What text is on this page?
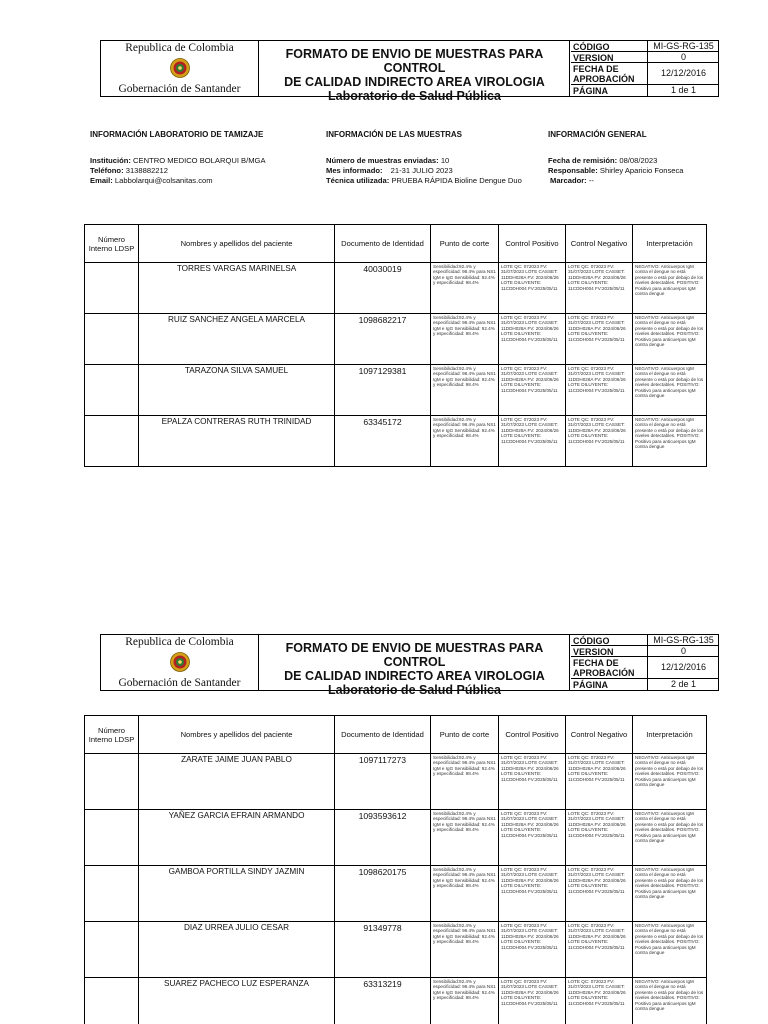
Republica de Colombia
Gobernación de Santander
FORMATO DE ENVIO DE MUESTRAS PARA CONTROL
DE CALIDAD INDIRECTO AREA VIROLOGIA
Laboratorio de Salud Pública
CÓDIGO	MI-GS-RG-135
VERSION	0
FECHA DE APROBACIÓN
12/12/2016
PÁGINA	1 de 1
INFORMACIÓN LABORATORIO DE TAMIZAJE
Institución: CENTRO MEDICO BOLARQUI B/MGA
Teléfono: 3138882212
Email: Labbolarqui@colsanitas.com
INFORMACIÓN DE LAS MUESTRAS
Número de muestras enviadas: 10
Mes informado: 21-31 JULIO 2023
Técnica utilizada: PRUEBA RÁPIDA Bioline Dengue Duo
INFORMACIÓN GENERAL
Fecha de remisión: 08/08/2023
Responsable: Shirley Aparicio Fonseca
Marcador: --
Número Interno LDSP	Nombres y apellidos del paciente	Documento de Identidad	Punto de corte	Control Positivo	Control Negativo	Interpretación
	TORRES VARGAS MARINELSA	40030019	Sensibilidad:92.4% y especificidad: 98.4% para NS1 IgM e IgG Sensibilidad: 92.4% y especificidad: 98.4%	LOTE QC: 072023 FV: 31/07/2023 LOTE CASSET: 11DDH028A FV: 2024/06/26 LOTE DILUYENTE: 11CDDH004 FV:2025/05/11	LOTE QC: 072023 FV: 31/07/2023 LOTE CASSET: 11DDH028A FV: 2024/06/26 LOTE DILUYENTE: 11CDDH004 FV:2025/05/11	NEGATIVO: Anticuerpos IgM contra el dengue no está presente o está por debajo de los niveles detectables. POSITIVO: Positivo para anticuerpos IgM contra dengue
	RUIZ SANCHEZ ANGELA MARCELA	1098682217	Sensibilidad:92.4% y especificidad: 98.4% para NS1 IgM e IgG Sensibilidad: 92.4% y especificidad: 98.4%	LOTE QC: 072023 FV: 31/07/2023 LOTE CASSET: 11DDH028A FV: 2024/06/26 LOTE DILUYENTE: 11CDDH004 FV:2025/05/11	LOTE QC: 072023 FV: 31/07/2023 LOTE CASSET: 11DDH028A FV: 2024/06/26 LOTE DILUYENTE: 11CDDH004 FV:2025/05/11	NEGATIVO: Anticuerpos IgM contra el dengue no está presente o está por debajo de los niveles detectables. POSITIVO: Positivo para anticuerpos IgM contra dengue
	TARAZONA SILVA SAMUEL	1097129381	Sensibilidad:92.4% y especificidad: 98.4% para NS1 IgM e IgG Sensibilidad: 92.4% y especificidad: 98.4%	LOTE QC: 072023 FV: 31/07/2023 LOTE CASSET: 11DDH028A FV: 2024/06/26 LOTE DILUYENTE: 11CDDH004 FV:2025/05/11	LOTE QC: 072023 FV: 31/07/2023 LOTE CASSET: 11DDH028A FV: 2024/06/26 LOTE DILUYENTE: 11CDDH004 FV:2025/05/11	NEGATIVO: Anticuerpos IgM contra el dengue no está presente o está por debajo de los niveles detectables. POSITIVO: Positivo para anticuerpos IgM contra dengue
	EPALZA CONTRERAS RUTH TRINIDAD	63345172	Sensibilidad:92.4% y especificidad: 98.4% para NS1 IgM e IgG Sensibilidad: 92.4% y especificidad: 98.4%	LOTE QC: 072023 FV: 31/07/2023 LOTE CASSET: 11DDH028A FV: 2024/06/26 LOTE DILUYENTE: 11CDDH004 FV:2025/05/11	LOTE QC: 072023 FV: 31/07/2023 LOTE CASSET: 11DDH028A FV: 2024/06/26 LOTE DILUYENTE: 11CDDH004 FV:2025/05/11	NEGATIVO: Anticuerpos IgM contra el dengue no está presente o está por debajo de los niveles detectables. POSITIVO: Positivo para anticuerpos IgM contra dengue
Republica de Colombia
Gobernación de Santander
FORMATO DE ENVIO DE MUESTRAS PARA CONTROL
DE CALIDAD INDIRECTO AREA VIROLOGIA
Laboratorio de Salud Pública
CÓDIGO	MI-GS-RG-135
VERSION	0
FECHA DE APROBACIÓN
12/12/2016
PÁGINA	2 de 1
Número Interno LDSP	Nombres y apellidos del paciente	Documento de Identidad	Punto de corte	Control Positivo	Control Negativo	Interpretación
	ZARATE JAIME JUAN PABLO	1097117273	Sensibilidad:92.4% y especificidad: 98.4% para NS1 IgM e IgG Sensibilidad: 92.4% y especificidad: 98.4%	LOTE QC: 072023 FV: 31/07/2023 LOTE CASSET: 11DDH028A FV: 2024/06/26 LOTE DILUYENTE: 11CDDH004 FV:2025/05/11	LOTE QC: 072023 FV: 31/07/2023 LOTE CASSET: 11DDH028A FV: 2024/06/26 LOTE DILUYENTE: 11CDDH004 FV:2025/05/11	NEGATIVO: Anticuerpos IgM contra el dengue no está presente o está por debajo de los niveles detectables. POSITIVO: Positivo para anticuerpos IgM contra dengue
	YAÑEZ GARCIA EFRAIN ARMANDO	1093593612	Sensibilidad:92.4% y especificidad: 98.4% para NS1 IgM e IgG Sensibilidad: 92.4% y especificidad: 98.4%	LOTE QC: 072023 FV: 31/07/2023 LOTE CASSET: 11DDH028A FV: 2024/06/26 LOTE DILUYENTE: 11CDDH004 FV:2025/05/11	LOTE QC: 072023 FV: 31/07/2023 LOTE CASSET: 11DDH028A FV: 2024/06/26 LOTE DILUYENTE: 11CDDH004 FV:2025/05/11	NEGATIVO: Anticuerpos IgM contra el dengue no está presente o está por debajo de los niveles detectables. POSITIVO: Positivo para anticuerpos IgM contra dengue
	GAMBOA PORTILLA SINDY JAZMIN	1098620175	Sensibilidad:92.4% y especificidad: 98.4% para NS1 IgM e IgG Sensibilidad: 92.4% y especificidad: 98.4%	LOTE QC: 072023 FV: 31/07/2023 LOTE CASSET: 11DDH028A FV: 2024/06/26 LOTE DILUYENTE: 11CDDH004 FV:2025/05/11	LOTE QC: 072023 FV: 31/07/2023 LOTE CASSET: 11DDH028A FV: 2024/06/26 LOTE DILUYENTE: 11CDDH004 FV:2025/05/11	NEGATIVO: Anticuerpos IgM contra el dengue no está presente o está por debajo de los niveles detectables. POSITIVO: Positivo para anticuerpos IgM contra dengue
	DIAZ URREA JULIO CESAR	91349778	Sensibilidad:92.4% y especificidad: 98.4% para NS1 IgM e IgG Sensibilidad: 92.4% y especificidad: 98.4%	LOTE QC: 072023 FV: 31/07/2023 LOTE CASSET: 11DDH028A FV: 2024/06/26 LOTE DILUYENTE: 11CDDH004 FV:2025/05/11	LOTE QC: 072023 FV: 31/07/2023 LOTE CASSET: 11DDH028A FV: 2024/06/26 LOTE DILUYENTE: 11CDDH004 FV:2025/05/11	NEGATIVO: Anticuerpos IgM contra el dengue no está presente o está por debajo de los niveles detectables. POSITIVO: Positivo para anticuerpos IgM contra dengue
	SUAREZ PACHECO LUZ ESPERANZA	63313219	Sensibilidad:92.4% y especificidad: 98.4% para NS1 IgM e IgG Sensibilidad: 92.4% y especificidad: 98.4%	LOTE QC: 072023 FV: 31/07/2023 LOTE CASSET: 11DDH028A FV: 2024/06/26 LOTE DILUYENTE: 11CDDH004 FV:2025/05/11	LOTE QC: 072023 FV: 31/07/2023 LOTE CASSET: 11DDH028A FV: 2024/06/26 LOTE DILUYENTE: 11CDDH004 FV:2025/05/11	NEGATIVO: Anticuerpos IgM contra el dengue no está presente o está por debajo de los niveles detectables. POSITIVO: Positivo para anticuerpos IgM contra dengue
